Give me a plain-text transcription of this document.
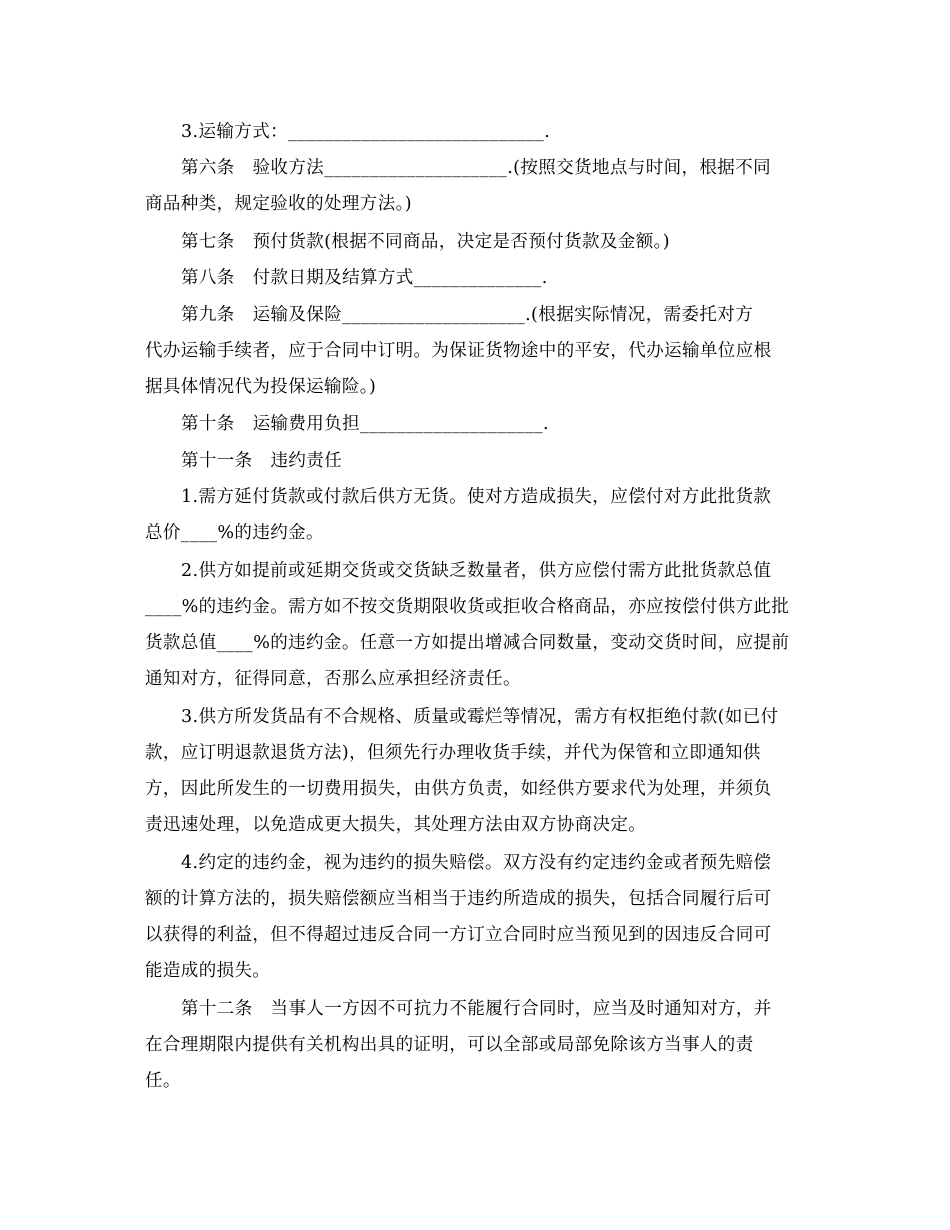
3.运输方式：____________________________.
第六条　验收方法____________________.(按照交货地点与时间，根据不同
商品种类，规定验收的处理方法。)
第七条　预付货款(根据不同商品，决定是否预付货款及金额。)
第八条　付款日期及结算方式______________.
第九条　运输及保险____________________.(根据实际情况，需委托对方
代办运输手续者，应于合同中订明。为保证货物途中的平安，代办运输单位应根
据具体情况代为投保运输险。)
第十条　运输费用负担____________________.
第十一条　违约责任
1.需方延付货款或付款后供方无货。使对方造成损失，应偿付对方此批货款
总价____%的违约金。
2.供方如提前或延期交货或交货缺乏数量者，供方应偿付需方此批货款总值
____%的违约金。需方如不按交货期限收货或拒收合格商品，亦应按偿付供方此批
货款总值____%的违约金。任意一方如提出增减合同数量，变动交货时间，应提前
通知对方，征得同意，否那么应承担经济责任。
3.供方所发货品有不合规格、质量或霉烂等情况，需方有权拒绝付款(如已付
款，应订明退款退货方法)，但须先行办理收货手续，并代为保管和立即通知供
方，因此所发生的一切费用损失，由供方负责，如经供方要求代为处理，并须负
责迅速处理，以免造成更大损失，其处理方法由双方协商决定。
4.约定的违约金，视为违约的损失赔偿。双方没有约定违约金或者预先赔偿
额的计算方法的，损失赔偿额应当相当于违约所造成的损失，包括合同履行后可
以获得的利益，但不得超过违反合同一方订立合同时应当预见到的因违反合同可
能造成的损失。
第十二条　当事人一方因不可抗力不能履行合同时，应当及时通知对方，并
在合理期限内提供有关机构出具的证明，可以全部或局部免除该方当事人的责
任。
